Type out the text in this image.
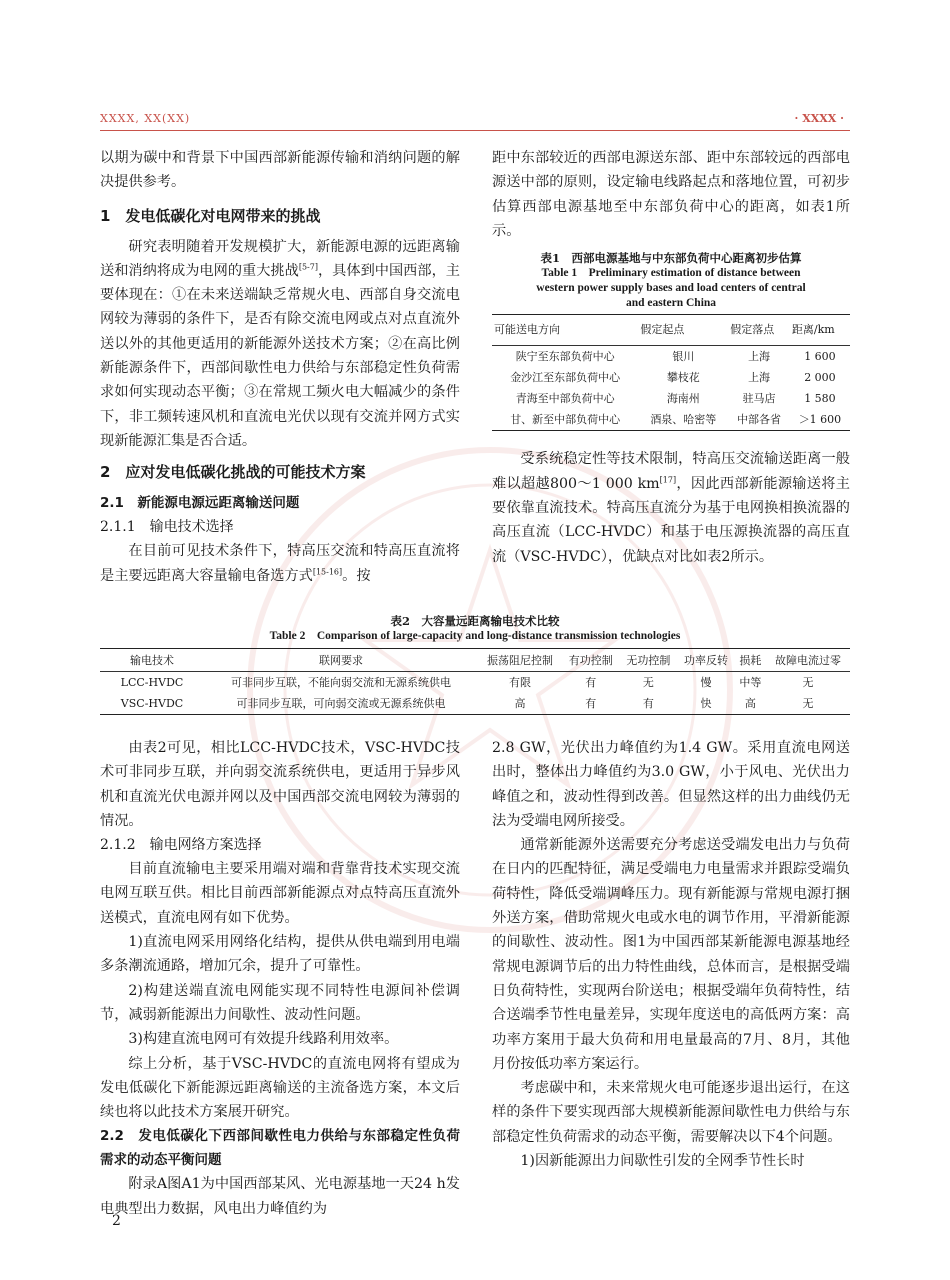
XXXX, XX(XX)	· XXXX ·

以期为碳中和背景下中国西部新能源传输和消纳问题的解决提供参考。

1　发电低碳化对电网带来的挑战

研究表明随着开发规模扩大，新能源电源的远距离输送和消纳将成为电网的重大挑战[5-7]，具体到中国西部，主要体现在：①在未来送端缺乏常规火电、西部自身交流电网较为薄弱的条件下，是否有除交流电网或点对点直流外送以外的其他更适用的新能源外送技术方案；②在高比例新能源条件下，西部间歇性电力供给与东部稳定性负荷需求如何实现动态平衡；③在常规工频火电大幅减少的条件下，非工频转速风机和直流电光伏以现有交流并网方式实现新能源汇集是否合适。

2　应对发电低碳化挑战的可能技术方案
2.1　新能源电源远距离输送问题
2.1.1　输电技术选择

在目前可见技术条件下，特高压交流和特高压直流将是主要远距离大容量输电备选方式[15-16]。按

距中东部较近的西部电源送东部、距中东部较远的西部电源送中部的原则，设定输电线路起点和落地位置，可初步估算西部电源基地至中东部负荷中心的距离，如表1所示。

表1　西部电源基地与中东部负荷中心距离初步估算
Table 1　Preliminary estimation of distance between
western power supply bases and load centers of central
and eastern China
可能送电方向	假定起点	假定落点	距离/km
陕宁至东部负荷中心	银川	上海	1 600
金沙江至东部负荷中心	攀枝花	上海	2 000
青海至中部负荷中心	海南州	驻马店	1 580
甘、新至中部负荷中心	酒泉、哈密等	中部各省	＞1 600

受系统稳定性等技术限制，特高压交流输送距离一般难以超越800～1 000 km[17]，因此西部新能源输送将主要依靠直流技术。特高压直流分为基于电网换相换流器的高压直流（LCC-HVDC）和基于电压源换流器的高压直流（VSC-HVDC），优缺点对比如表2所示。

表2　大容量远距离输电技术比较
Table 2　Comparison of large-capacity and long-distance transmission technologies
输电技术	联网要求	振荡阻尼控制	有功控制	无功控制	功率反转	损耗	故障电流过零
LCC-HVDC	可非同步互联，不能向弱交流和无源系统供电	有限	有	无	慢	中等	无
VSC-HVDC	可非同步互联，可向弱交流或无源系统供电	高	有	有	快	高	无

由表2可见，相比LCC-HVDC技术，VSC-HVDC技术可非同步互联，并向弱交流系统供电，更适用于异步风机和直流光伏电源并网以及中国西部交流电网较为薄弱的情况。

2.1.2　输电网络方案选择

目前直流输电主要采用端对端和背靠背技术实现交流电网互联互供。相比目前西部新能源点对点特高压直流外送模式，直流电网有如下优势。

1)直流电网采用网络化结构，提供从供电端到用电端多条潮流通路，增加冗余，提升了可靠性。

2)构建送端直流电网能实现不同特性电源间补偿调节，减弱新能源出力间歇性、波动性问题。

3)构建直流电网可有效提升线路利用效率。

综上分析，基于VSC-HVDC的直流电网将有望成为发电低碳化下新能源远距离输送的主流备选方案，本文后续也将以此技术方案展开研究。

2.2　发电低碳化下西部间歇性电力供给与东部稳定性负荷需求的动态平衡问题

附录A图A1为中国西部某风、光电源基地一天24 h发电典型出力数据，风电出力峰值约为

2.8 GW，光伏出力峰值约为1.4 GW。采用直流电网送出时，整体出力峰值约为3.0 GW，小于风电、光伏出力峰值之和，波动性得到改善。但显然这样的出力曲线仍无法为受端电网所接受。

通常新能源外送需要充分考虑送受端发电出力与负荷在日内的匹配特征，满足受端电力电量需求并跟踪受端负荷特性，降低受端调峰压力。现有新能源与常规电源打捆外送方案，借助常规火电或水电的调节作用，平滑新能源的间歇性、波动性。图1为中国西部某新能源电源基地经常规电源调节后的出力特性曲线，总体而言，是根据受端日负荷特性，实现两台阶送电；根据受端年负荷特性，结合送端季节性电量差异，实现年度送电的高低两方案：高功率方案用于最大负荷和用电量最高的7月、8月，其他月份按低功率方案运行。

考虑碳中和，未来常规火电可能逐步退出运行，在这样的条件下要实现西部大规模新能源间歇性电力供给与东部稳定性负荷需求的动态平衡，需要解决以下4个问题。

1)因新能源出力间歇性引发的全网季节性长时

2
